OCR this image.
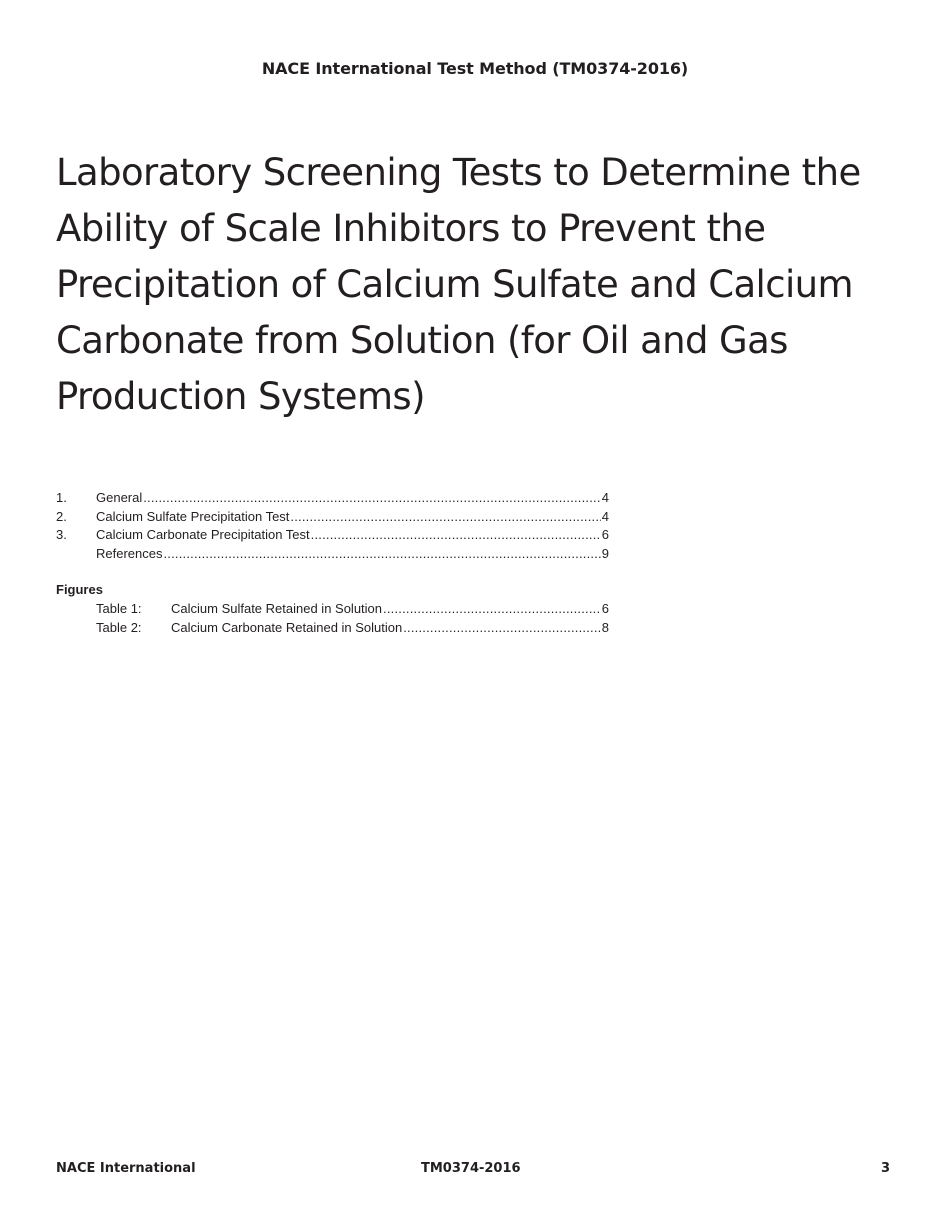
NACE International Test Method (TM0374-2016)
Laboratory Screening Tests to Determine the Ability of Scale Inhibitors to Prevent the Precipitation of Calcium Sulfate and Calcium Carbonate from Solution (for Oil and Gas Production Systems)
1.	General .....	4
2.	Calcium Sulfate Precipitation Test .....	4
3.	Calcium Carbonate Precipitation Test .....	6
References .....	9
Figures
Table 1:	Calcium Sulfate Retained in Solution .....	6
Table 2:	Calcium Carbonate Retained in Solution .....	8
NACE International	TM0374-2016	3
